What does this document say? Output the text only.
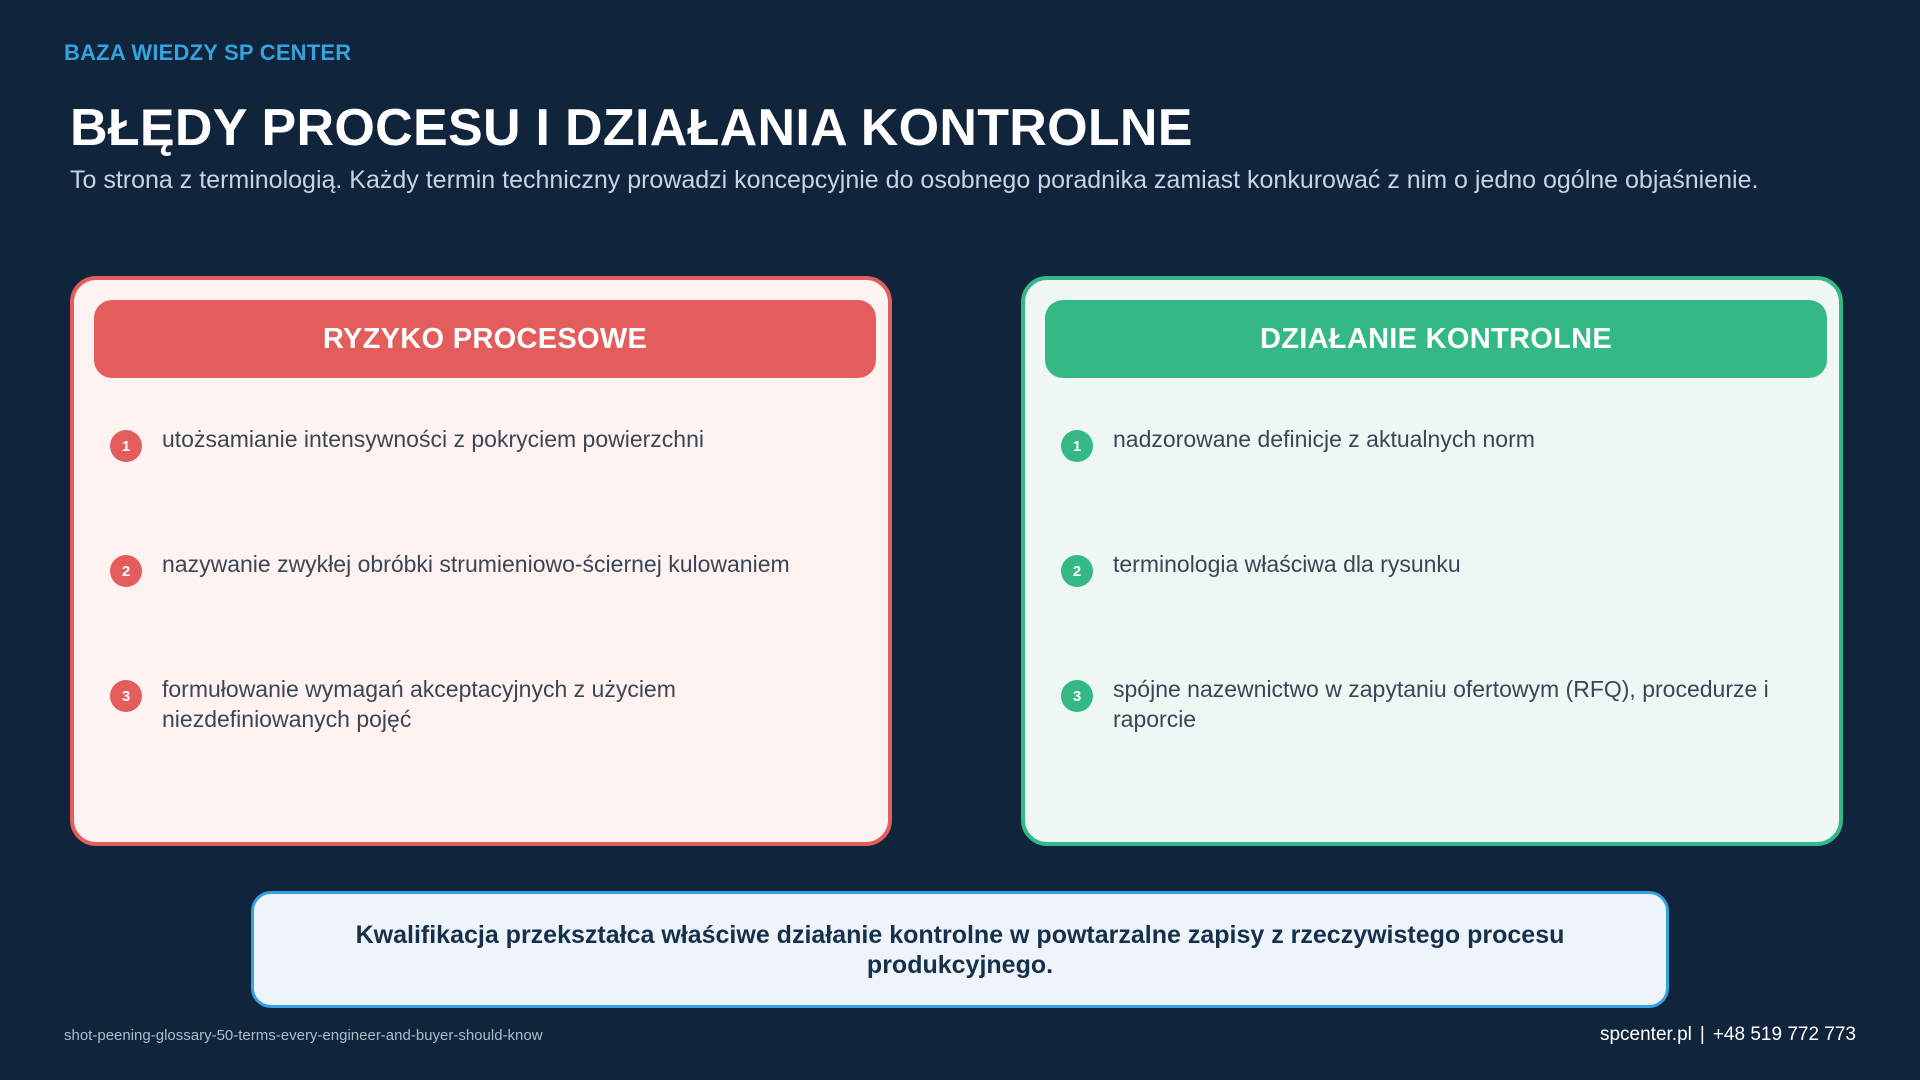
BAZA WIEDZY SP CENTER
BŁĘDY PROCESU I DZIAŁANIA KONTROLNE

To strona z terminologią. Każdy termin techniczny prowadzi koncepcyjnie do osobnego poradnika zamiast konkurować z nim o jedno ogólne objaśnienie.

RYZYKO PROCESOWE
1	utożsamianie intensywności z pokryciem powierzchni
2	nazywanie zwykłej obróbki strumieniowo-ściernej kulowaniem
3	formułowanie wymagań akceptacyjnych z użyciem niezdefiniowanych pojęć
DZIAŁANIE KONTROLNE
1	nadzorowane definicje z aktualnych norm
2	terminologia właściwa dla rysunku
3	spójne nazewnictwo w zapytaniu ofertowym (RFQ), procedurze i raporcie
Kwalifikacja przekształca właściwe działanie kontrolne w powtarzalne zapisy z rzeczywistego procesu produkcyjnego.
shot-peening-glossary-50-terms-every-engineer-and-buyer-should-know	spcenter.pl | +48 519 772 773
